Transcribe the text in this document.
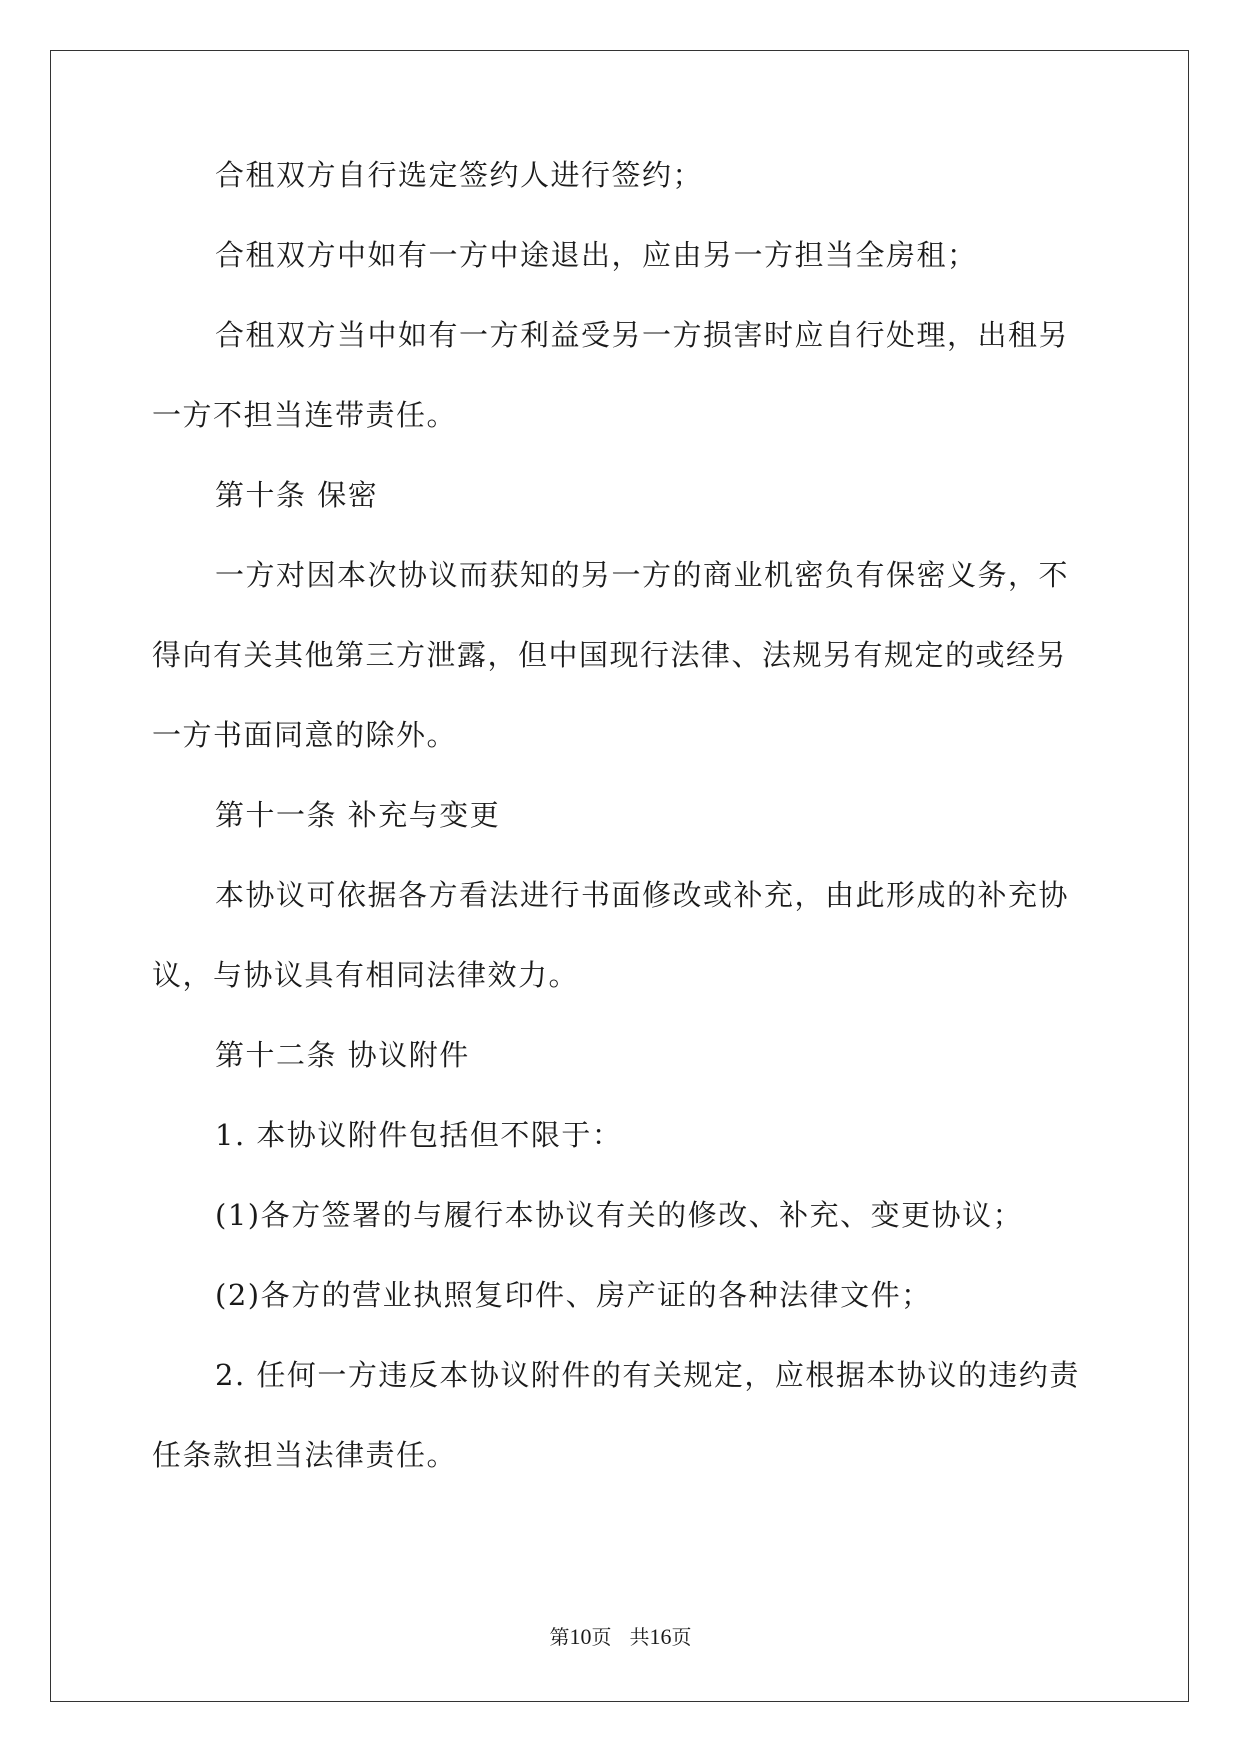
合租双方自行选定签约人进行签约；

合租双方中如有一方中途退出，应由另一方担当全房租；

合租双方当中如有一方利益受另一方损害时应自行处理，出租另

一方不担当连带责任。

第十条 保密

一方对因本次协议而获知的另一方的商业机密负有保密义务，不

得向有关其他第三方泄露，但中国现行法律、法规另有规定的或经另

一方书面同意的除外。

第十一条 补充与变更

本协议可依据各方看法进行书面修改或补充，由此形成的补充协

议，与协议具有相同法律效力。

第十二条 协议附件

1. 本协议附件包括但不限于：

(1)各方签署的与履行本协议有关的修改、补充、变更协议；

(2)各方的营业执照复印件、房产证的各种法律文件；

2. 任何一方违反本协议附件的有关规定，应根据本协议的违约责

任条款担当法律责任。

第10页 共16页
